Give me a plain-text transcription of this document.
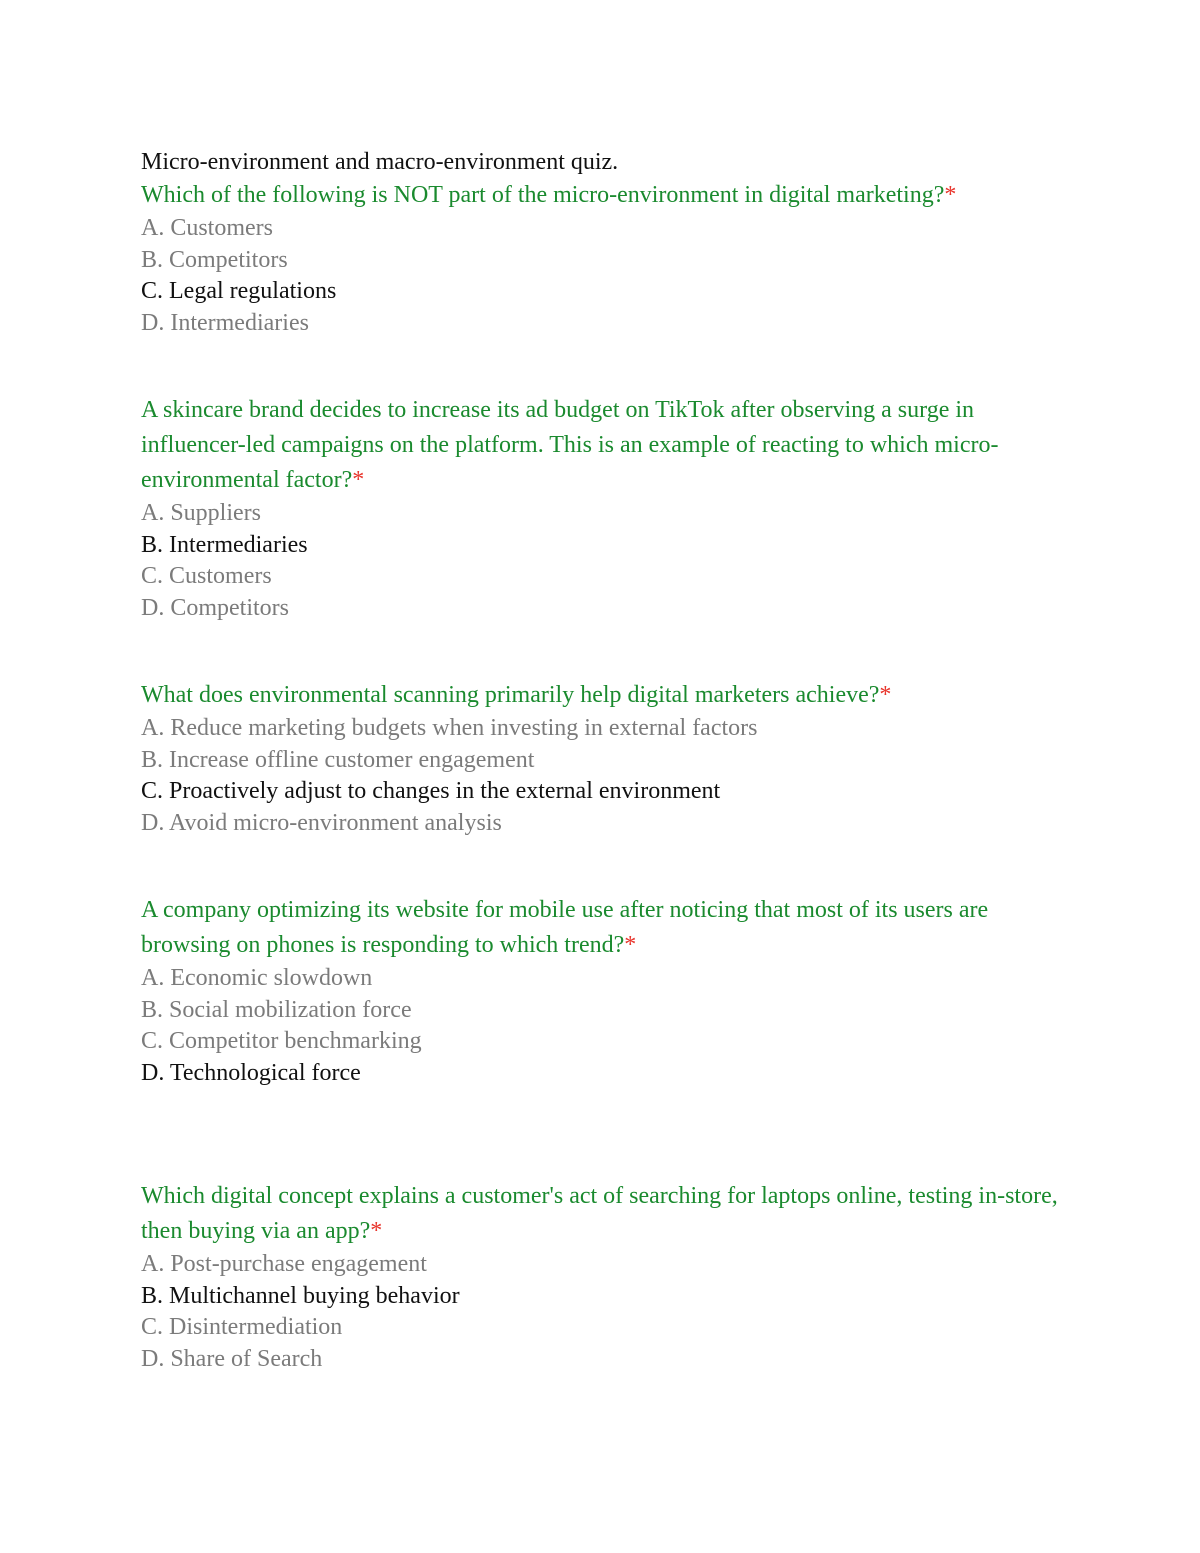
Micro-environment and macro-environment quiz.

Which of the following is NOT part of the micro-environment in digital marketing?*

A. Customers
B. Competitors
C. Legal regulations
D. Intermediaries

A skincare brand decides to increase its ad budget on TikTok after observing a surge in influencer-led campaigns on the platform. This is an example of reacting to which micro-environmental factor?*

A. Suppliers
B. Intermediaries
C. Customers
D. Competitors

What does environmental scanning primarily help digital marketers achieve?*

A. Reduce marketing budgets when investing in external factors
B. Increase offline customer engagement
C. Proactively adjust to changes in the external environment
D. Avoid micro-environment analysis

A company optimizing its website for mobile use after noticing that most of its users are browsing on phones is responding to which trend?*

A. Economic slowdown
B. Social mobilization force
C. Competitor benchmarking
D. Technological force

Which digital concept explains a customer's act of searching for laptops online, testing in-store, then buying via an app?*

A. Post-purchase engagement
B. Multichannel buying behavior
C. Disintermediation
D. Share of Search
